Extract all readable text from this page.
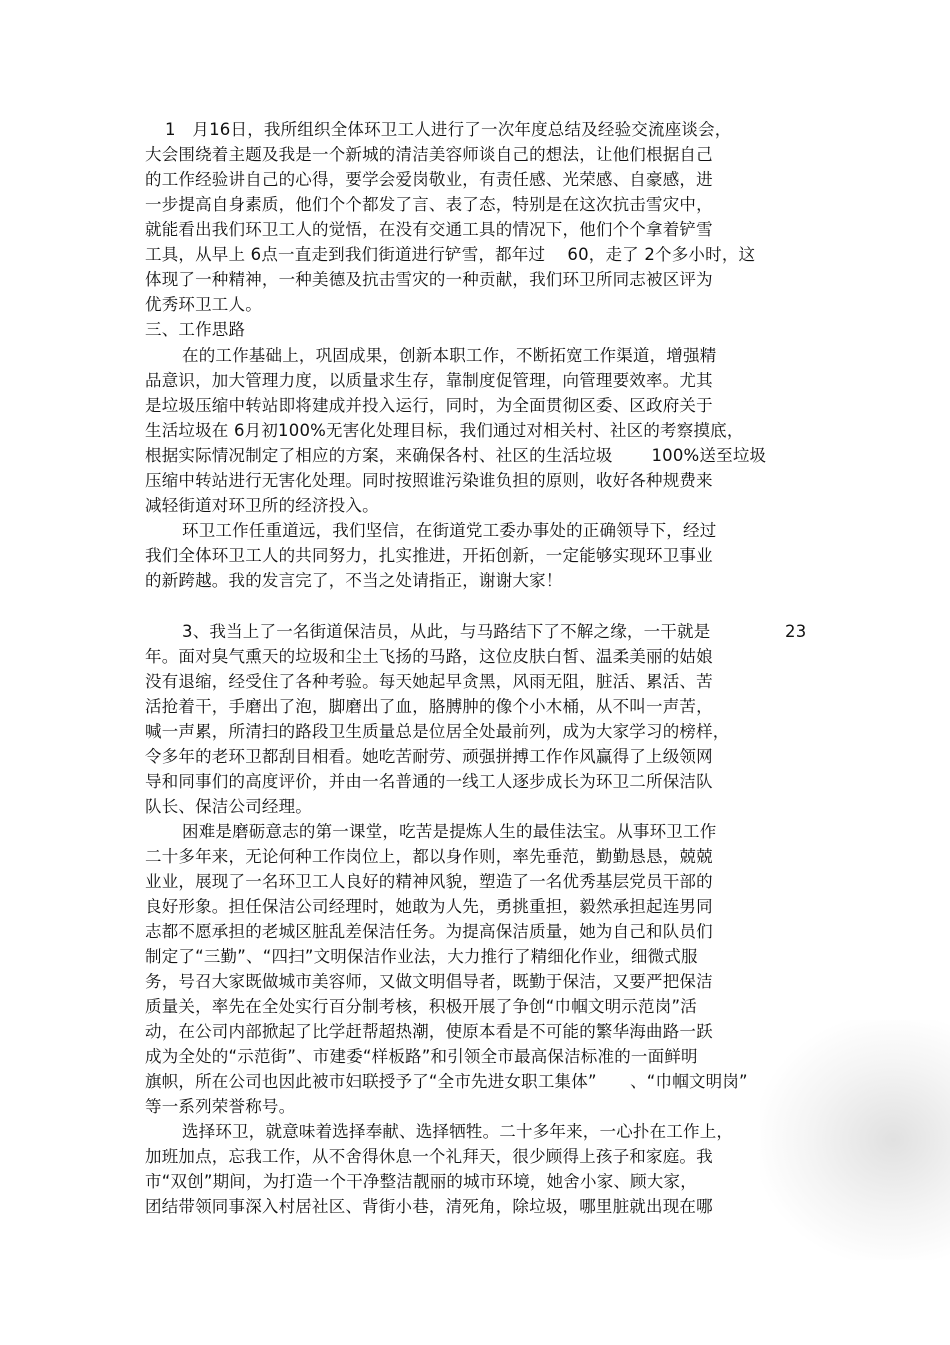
1　月16日，我所组织全体环卫工人进行了一次年度总结及经验交流座谈会，
大会围绕着主题及我是一个新城的清洁美容师谈自己的想法，让他们根据自己
的工作经验讲自己的心得，要学会爱岗敬业，有责任感、光荣感、自豪感，进
一步提高自身素质，他们个个都发了言、表了态，特别是在这次抗击雪灾中，
就能看出我们环卫工人的觉悟，在没有交通工具的情况下，他们个个拿着铲雪
工具，从早上 6点一直走到我们街道进行铲雪，都年过　 60，走了 2个多小时，这
体现了一种精神，一种美德及抗击雪灾的一种贡献，我们环卫所同志被区评为
优秀环卫工人。
三、工作思路
在的工作基础上，巩固成果，创新本职工作，不断拓宽工作渠道，增强精
品意识，加大管理力度，以质量求生存，靠制度促管理，向管理要效率。尤其
是垃圾压缩中转站即将建成并投入运行，同时，为全面贯彻区委、区政府关于
生活垃圾在 6月初100%无害化处理目标，我们通过对相关村、社区的考察摸底，
根据实际情况制定了相应的方案，来确保各村、社区的生活垃圾　　 100%送至垃圾
压缩中转站进行无害化处理。同时按照谁污染谁负担的原则，收好各种规费来
减轻街道对环卫所的经济投入。
环卫工作任重道远，我们坚信，在街道党工委办事处的正确领导下，经过
我们全体环卫工人的共同努力，扎实推进，开拓创新，一定能够实现环卫事业
的新跨越。我的发言完了，不当之处请指正，谢谢大家！
3、我当上了一名街道保洁员，从此，与马路结下了不解之缘，一干就是	23
年。面对臭气熏天的垃圾和尘土飞扬的马路，这位皮肤白皙、温柔美丽的姑娘
没有退缩，经受住了各种考验。每天她起早贪黑，风雨无阻，脏活、累活、苦
活抢着干，手磨出了泡，脚磨出了血，胳膊肿的像个小木桶，从不叫一声苦，
喊一声累，所清扫的路段卫生质量总是位居全处最前列，成为大家学习的榜样，
令多年的老环卫都刮目相看。她吃苦耐劳、顽强拼搏工作作风赢得了上级领网
导和同事们的高度评价，并由一名普通的一线工人逐步成长为环卫二所保洁队
队长、保洁公司经理。
困难是磨砺意志的第一课堂，吃苦是提炼人生的最佳法宝。从事环卫工作
二十多年来，无论何种工作岗位上，都以身作则，率先垂范，勤勤恳恳，兢兢
业业，展现了一名环卫工人良好的精神风貌，塑造了一名优秀基层党员干部的
良好形象。担任保洁公司经理时，她敢为人先，勇挑重担，毅然承担起连男同
志都不愿承担的老城区脏乱差保洁任务。为提高保洁质量，她为自己和队员们
制定了“三勤”、“四扫”文明保洁作业法，大力推行了精细化作业，细微式服
务，号召大家既做城市美容师，又做文明倡导者，既勤于保洁，又要严把保洁
质量关，率先在全处实行百分制考核，积极开展了争创“巾帼文明示范岗”活
动，在公司内部掀起了比学赶帮超热潮，使原本看是不可能的繁华海曲路一跃
成为全处的“示范街”、市建委“样板路”和引领全市最高保洁标准的一面鲜明
旗帜，所在公司也因此被市妇联授予了“全市先进女职工集体”　　、“巾帼文明岗”
等一系列荣誉称号。
选择环卫，就意味着选择奉献、选择牺牲。二十多年来，一心扑在工作上，
加班加点，忘我工作，从不舍得休息一个礼拜天，很少顾得上孩子和家庭。我
市“双创”期间，为打造一个干净整洁靓丽的城市环境，她舍小家、顾大家，
团结带领同事深入村居社区、背街小巷，清死角，除垃圾，哪里脏就出现在哪
